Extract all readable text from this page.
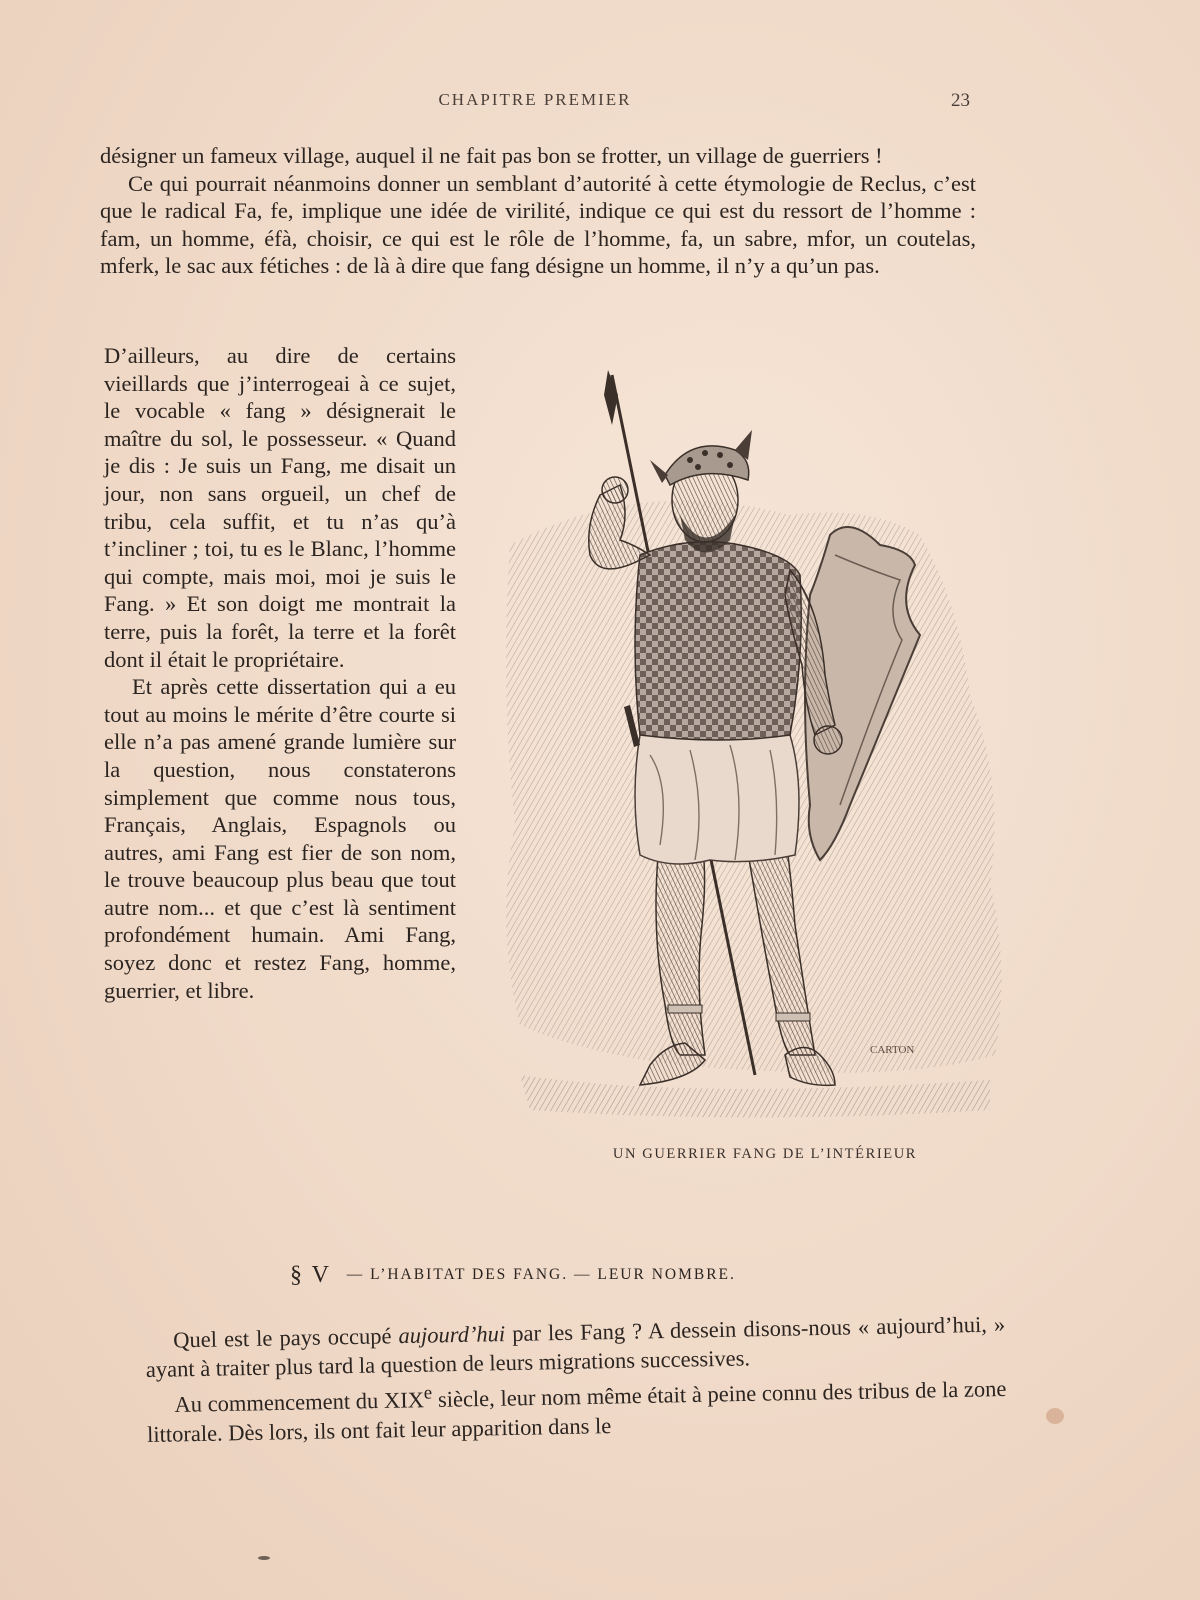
CHAPITRE PREMIER	23

désigner un fameux village, auquel il ne fait pas bon se frotter, un village de guerriers !

Ce qui pourrait néanmoins donner un semblant d’autorité à cette étymologie de Reclus, c’est que le radical Fa, fe, implique une idée de virilité, indique ce qui est du ressort de l’homme : fam, un homme, éfà, choisir, ce qui est le rôle de l’homme, fa, un sabre, mfor, un coutelas, mferk, le sac aux fétiches : de là à dire que fang désigne un homme, il n’y a qu’un pas.

D’ailleurs, au dire de certains vieillards que j’interrogeai à ce sujet, le vocable « fang » désignerait le maître du sol, le possesseur. « Quand je dis : Je suis un Fang, me disait un jour, non sans orgueil, un chef de tribu, cela suffit, et tu n’as qu’à t’incliner ; toi, tu es le Blanc, l’homme qui compte, mais moi, moi je suis le Fang. » Et son doigt me montrait la terre, puis la forêt, la terre et la forêt dont il était le propriétaire.

Et après cette dissertation qui a eu tout au moins le mérite d’être courte si elle n’a pas amené grande lumière sur la question, nous constaterons simplement que comme nous tous, Français, Anglais, Espagnols ou autres, ami Fang est fier de son nom, le trouve beaucoup plus beau que tout autre nom... et que c’est là sentiment profondément humain. Ami Fang, soyez donc et restez Fang, homme, guerrier, et libre.

CARTON
UN GUERRIER FANG DE L’INTÉRIEUR
§ V — L’HABITAT DES FANG. — LEUR NOMBRE.

Quel est le pays occupé aujourd’hui par les Fang ? A dessein disons-nous « aujourd’hui, » ayant à traiter plus tard la question de leurs migrations successives.

Au commencement du XIXe siècle, leur nom même était à peine connu des tribus de la zone littorale. Dès lors, ils ont fait leur apparition dans le
